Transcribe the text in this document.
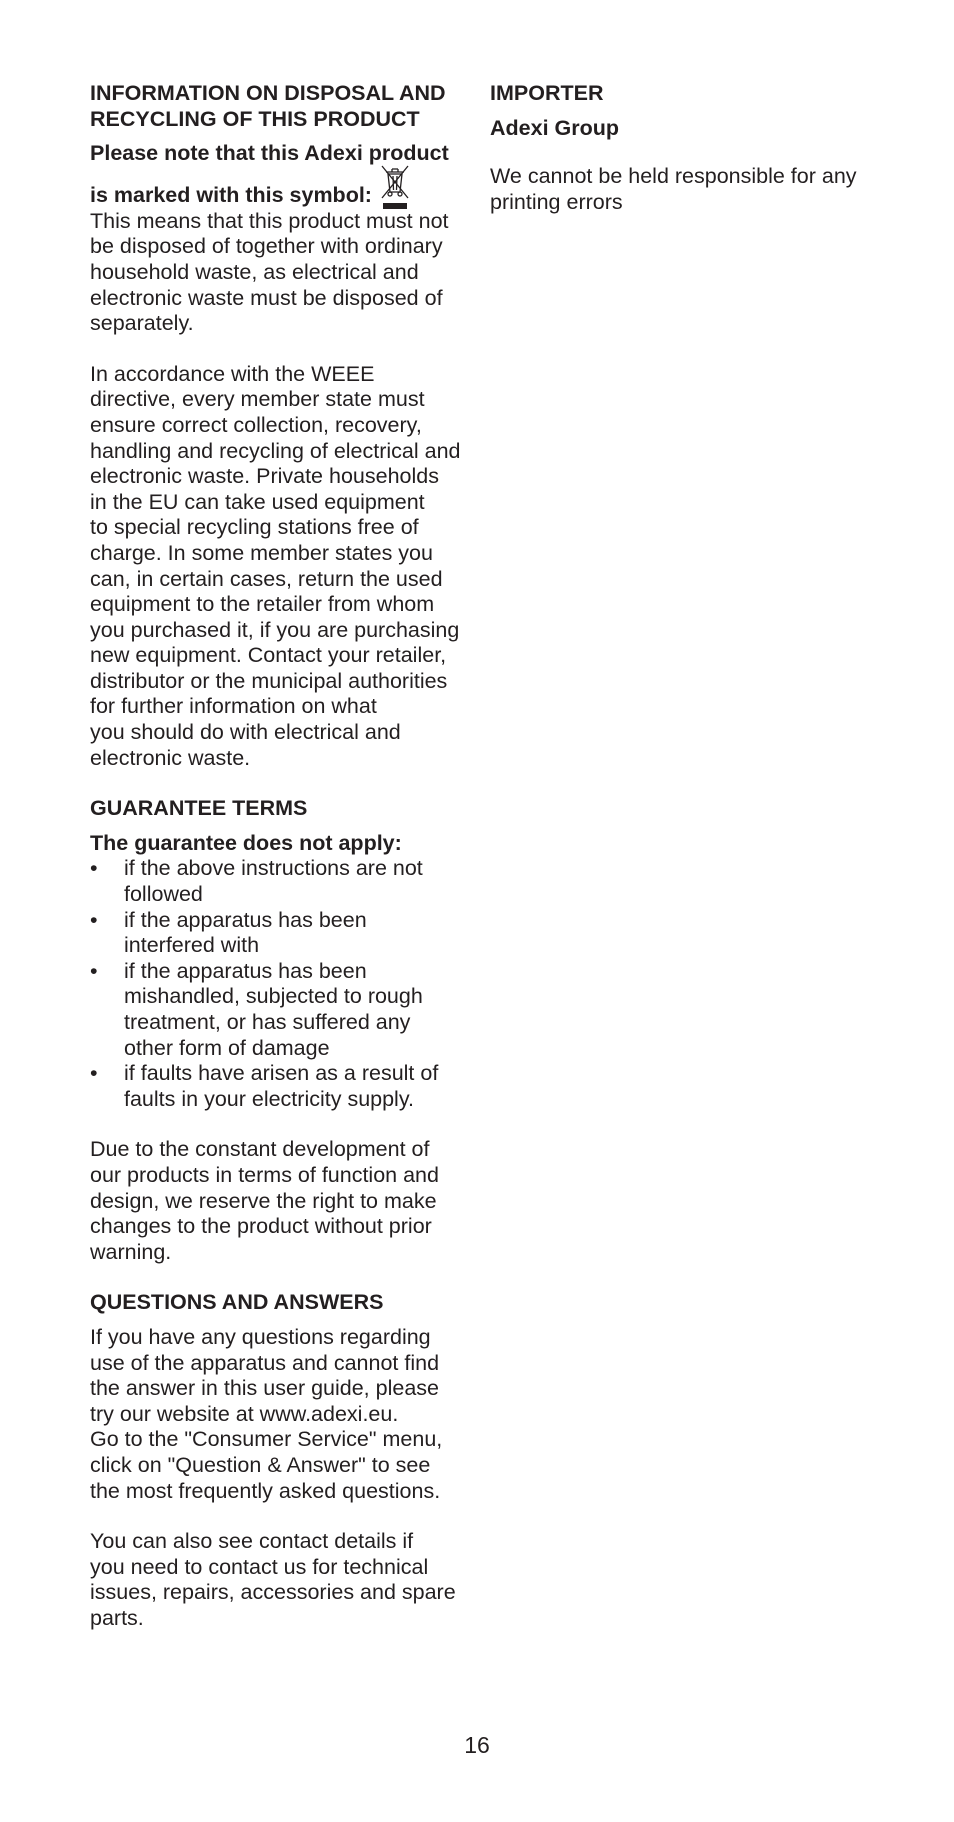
INFORMATION ON DISPOSAL AND
RECYCLING OF THIS PRODUCT

Please note that this Adexi product

is marked with this symbol:

This means that this product must not
be disposed of together with ordinary
household waste, as electrical and
electronic waste must be disposed of
separately.

In accordance with the WEEE
directive, every member state must
ensure correct collection, recovery,
handling and recycling of electrical and
electronic waste. Private households
in the EU can take used equipment
to special recycling stations free of
charge. In some member states you
can, in certain cases, return the used
equipment to the retailer from whom
you purchased it, if you are purchasing
new equipment. Contact your retailer,
distributor or the municipal authorities
for further information on what
you should do with electrical and
electronic waste.

GUARANTEE TERMS

The guarantee does not apply:

• if the above instructions are not
followed
• if the apparatus has been
interfered with
• if the apparatus has been
mishandled, subjected to rough
treatment, or has suffered any
other form of damage
• if faults have arisen as a result of
faults in your electricity supply.

Due to the constant development of
our products in terms of function and
design, we reserve the right to make
changes to the product without prior
warning.

QUESTIONS AND ANSWERS

If you have any questions regarding
use of the apparatus and cannot find
the answer in this user guide, please
try our website at www.adexi.eu.
Go to the "Consumer Service" menu,
click on "Question & Answer" to see
the most frequently asked questions.

You can also see contact details if
you need to contact us for technical
issues, repairs, accessories and spare
parts.

IMPORTER

Adexi Group

We cannot be held responsible for any
printing errors

16
